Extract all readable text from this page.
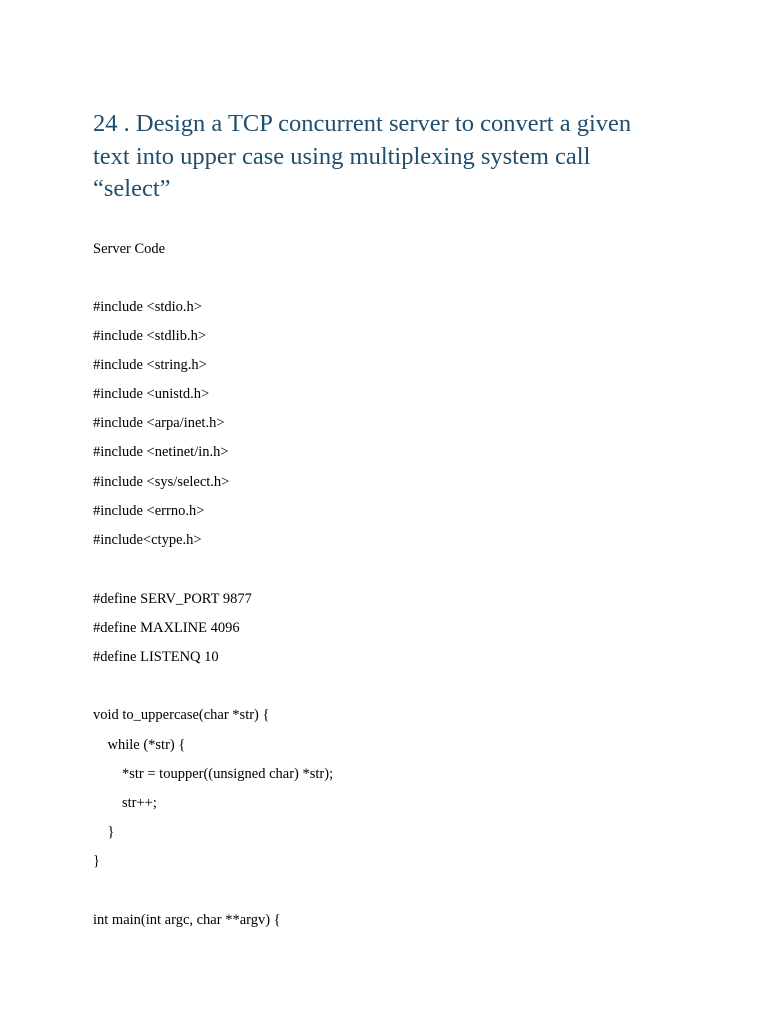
24 . Design a TCP concurrent server to convert a given
text into upper case using multiplexing system call
“select”
Server Code
#include <stdio.h>
#include <stdlib.h>
#include <string.h>
#include <unistd.h>
#include <arpa/inet.h>
#include <netinet/in.h>
#include <sys/select.h>
#include <errno.h>
#include<ctype.h>
#define SERV_PORT 9877
#define MAXLINE 4096
#define LISTENQ 10
void to_uppercase(char *str) {
while (*str) {
*str = toupper((unsigned char) *str);
str++;
}
}
int main(int argc, char **argv) {
